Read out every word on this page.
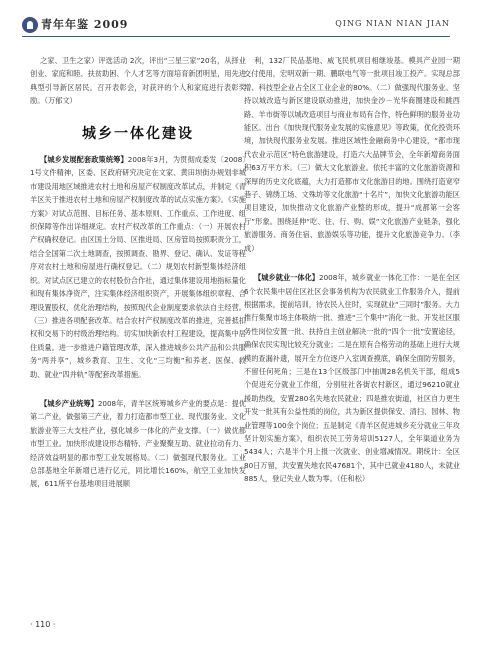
青年年鉴 2009	QING NIAN NIAN JIAN

之家、卫生之家）评选活动 2次，评出“三星三家”20名，从择业创业、家庭和睦、扶贫助困、个人才艺等方面培育新团明星，用先进典型引导新区居民。召开表彰会，对获评的个人和家庭进行表彰奖励。（万郁文）

城乡一体化建设

【城乡发展配套政策统筹】2008年3月，为贯彻成委发〔2008〕1号文件精神，区委、区政府研究决定在文家、黄田坝街办规划非城市建设用地区域推进农村土地和房屋产权制度改革试点，并制定《青羊区关于推进农村土地和房屋产权制度改革的试点实施方案》。《实施方案》对试点范围、目标任务、基本原则、工作重点、工作进度、组织保障等作出详细规定。农村产权改革的工作重点：（一）开展农村产权确权登记。由区国土分局、区推进局、区房管局按照职责分工，结合全国第二次土地调查，按照调查、勘界、登记、确认、发证等程序对农村土地和房屋进行确权登记。（二）规划农村新型集体经济组织。对试点区已建立的农村股份合作社，通过集体建设用地指标量化和现有集体净资产，注实集体经济组织资产，开展集体组织章程、合理设置股权，优化治理结构，按照现代企业制度要求依法自主经营。（三）推进各项配套改革。结合农村产权制度改革的推进，完善抵扣权和交易下的村级治理结构。切实加快新农村工程建设，提高集中居住质量。进一步推进户籍管理改革，深入推进城乡公共产品和公共服务“两并享”，城乡教育、卫生、文化“三均衡”和养老、医保、救助、就业“四并轨”等配套改革措施。

【城乡产业统筹】2008年，青羊区统筹城乡产业的要点是：提优第二产业，做强第三产业，着力打造都市型工业、现代服务业、文化旅游业等三大支柱产业，强化城乡一体化的产业支撑。（一）做优都市型工业。加快形成建设形态精特、产业聚聚互助、就业拉动有力、经济效益明显的都市型工业发展格局。（二）做强现代服务业。工业总部基地全年新增已进行亿元，同比增长160%，航空工业加快发展，611所平台基地项目进展顺

利，132厂民品基地、威飞民机项目相继竣基。模具产业园一期交付使用，宏明双新一期、鹏联电气等一批项目竣工投产。实现总部增、科技型企业占全区工业企业的80%。（二）做强现代服务业。坚持以城改造与新区建设联动推进，加快金沙－光华商圈建设和跳西路、羊市街等以城改造项目与商业布局有合作，特色鲜明的服务业功能区。出台《加快现代服务业发展的实施意见》等政策，优化投资环境，加快现代服务业发展。推进区域性金融商务中心建设，“都市现代农业示范区”特色旅游建设，打造六大品牌节会，全年新增商务面积63万平方米。（三）做大文化旅游业。依托丰富的文化旅游资源和深厚的历史文化底蕴，大力打造都市文化旅游目的地。围绕打造宽窄巷子、锦绣工场、文殊坊等文化旅游“十名片”，加快文化旅游功能区项目建设，加快推动文化旅游产业整的形成，提升“成都第一会客厅”形象。围绕延伸“吃、住、行、购、娱”文化旅游产业链条，强化旅游服务、商务住宿、旅游娱乐等功能，提升文化旅游竞争力。（李成）

【城乡就业一体化】2008年，城乡就业一体化工作：一是在全区6个农民集中居住区社区会事务机构为农民就业工作服务介入，提前根据需求，提前培训，待农民入住时，实现就业“三同时”服务。大力推行集聚市场主体吸纳一批、推进“三个集中”消化一批、开发社区服务性岗位安置一批、扶持自主创业解决一批的“四个一批”安置途径，确保农民实现比较充分就业；二是在原有合格劳动的基础上进行大规模的查漏补遗，展开全方位逐户入室调查摸底，确保全面防劳服务，不留任何死角；三是在13个区级部门中抽调28名机关干部，组成5个促进充分就业工作组，分别驻社各街农村新区，通过96210就业援助热线，安置280名失地农民就业；四是推农街道，社区自力更生开发一批其有公益性质的岗位，共为新区提供保安、清扫、园林、物业管理等100余个岗位；五是制定《青羊区促进城乡充分就业三年攻坚计划实施方案》，组织农民工劳务培训5127人，全年渠道业务为5434人；六是半个月上报一次就业、创业增减情况。期统计：全区80日万留，共安置失地农民47681个，其中已就业4180人，未就业885人，登记失业人数为零。（任和松）

· 110 ·
